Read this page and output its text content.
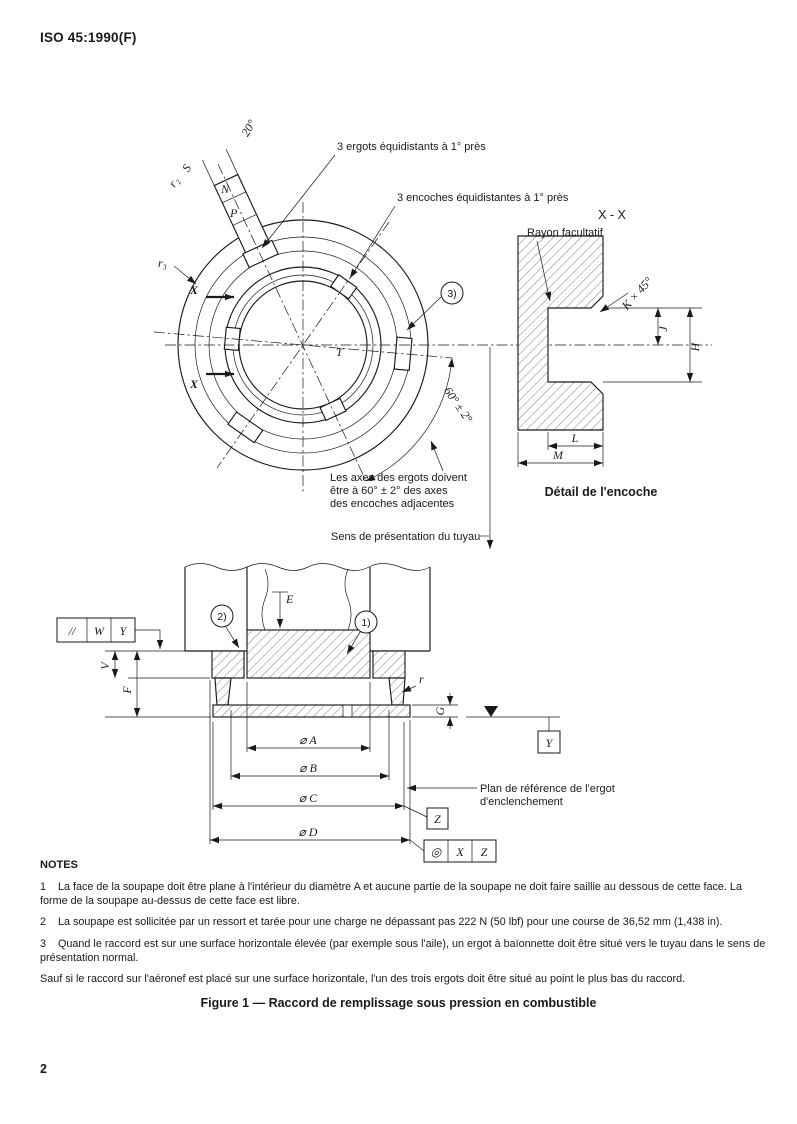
ISO 45:1990(F)
60° ± 2°
3 ergots équidistants à 1° près
3 encoches équidistantes à 1° près
20°
S
r₂	N
P
r₃
X
X
3)
T
Les axes des ergots doivent
être à 60° ± 2° des axes
des encoches adjacentes
Sens de présentation du tuyau
X - X
Rayon facultatif
K × 45°
J
H
L
M
Détail de l'encoche
// W Y
2)	1)
E
V
F
r
G
Y
⌀ A
⌀ B
⌀ C
Z
⌀ D
◎ X Z
Plan de référence de l'ergot
d'enclenchement
NOTES

1 La face de la soupape doit être plane à l'intérieur du diamètre A et aucune partie de la soupape ne doit faire saillie au dessous de cette face. La forme de la soupape au-dessus de cette face est libre.

2 La soupape est sollicitée par un ressort et tarée pour une charge ne dépassant pas 222 N (50 lbf) pour une course de 36,52 mm (1,438 in).

3 Quand le raccord est sur une surface horizontale élevée (par exemple sous l'aile), un ergot à baïonnette doit être situé vers le tuyau dans le sens de présentation normal.

Sauf si le raccord sur l'aéronef est placé sur une surface horizontale, l'un des trois ergots doit être situé au point le plus bas du raccord.

Figure 1 — Raccord de remplissage sous pression en combustible
2
